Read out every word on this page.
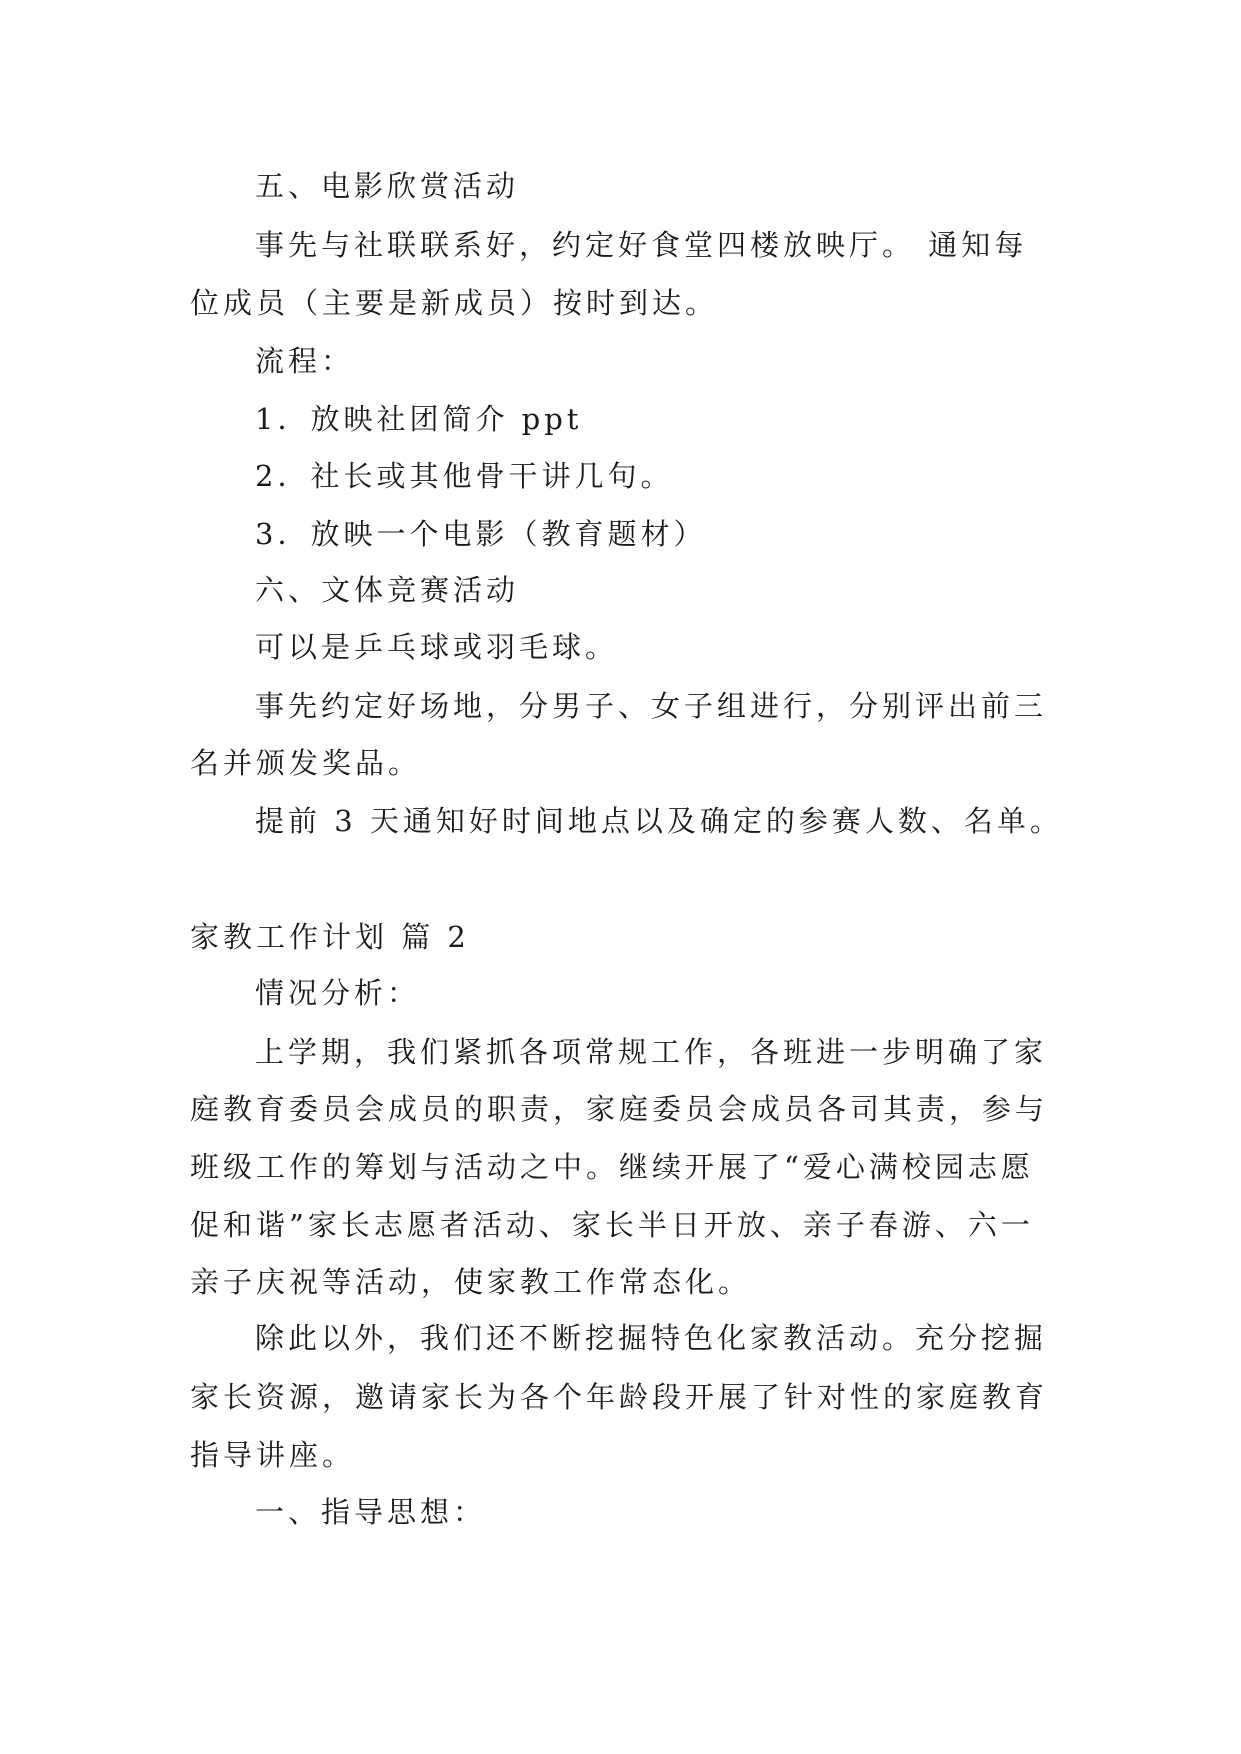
五、电影欣赏活动
事先与社联联系好，约定好食堂四楼放映厅。 通知每
位成员（主要是新成员）按时到达。
流程：
1．放映社团简介 ppt
2．社长或其他骨干讲几句。
3．放映一个电影（教育题材）
六、文体竞赛活动
可以是乒乓球或羽毛球。
事先约定好场地，分男子、女子组进行，分别评出前三
名并颁发奖品。
提前 3 天通知好时间地点以及确定的参赛人数、名单。
家教工作计划 篇 2
情况分析：
上学期，我们紧抓各项常规工作，各班进一步明确了家
庭教育委员会成员的职责，家庭委员会成员各司其责，参与
班级工作的筹划与活动之中。继续开展了“爱心满校园志愿
促和谐”家长志愿者活动、家长半日开放、亲子春游、六一
亲子庆祝等活动，使家教工作常态化。
除此以外，我们还不断挖掘特色化家教活动。充分挖掘
家长资源，邀请家长为各个年龄段开展了针对性的家庭教育
指导讲座。
一、指导思想：
